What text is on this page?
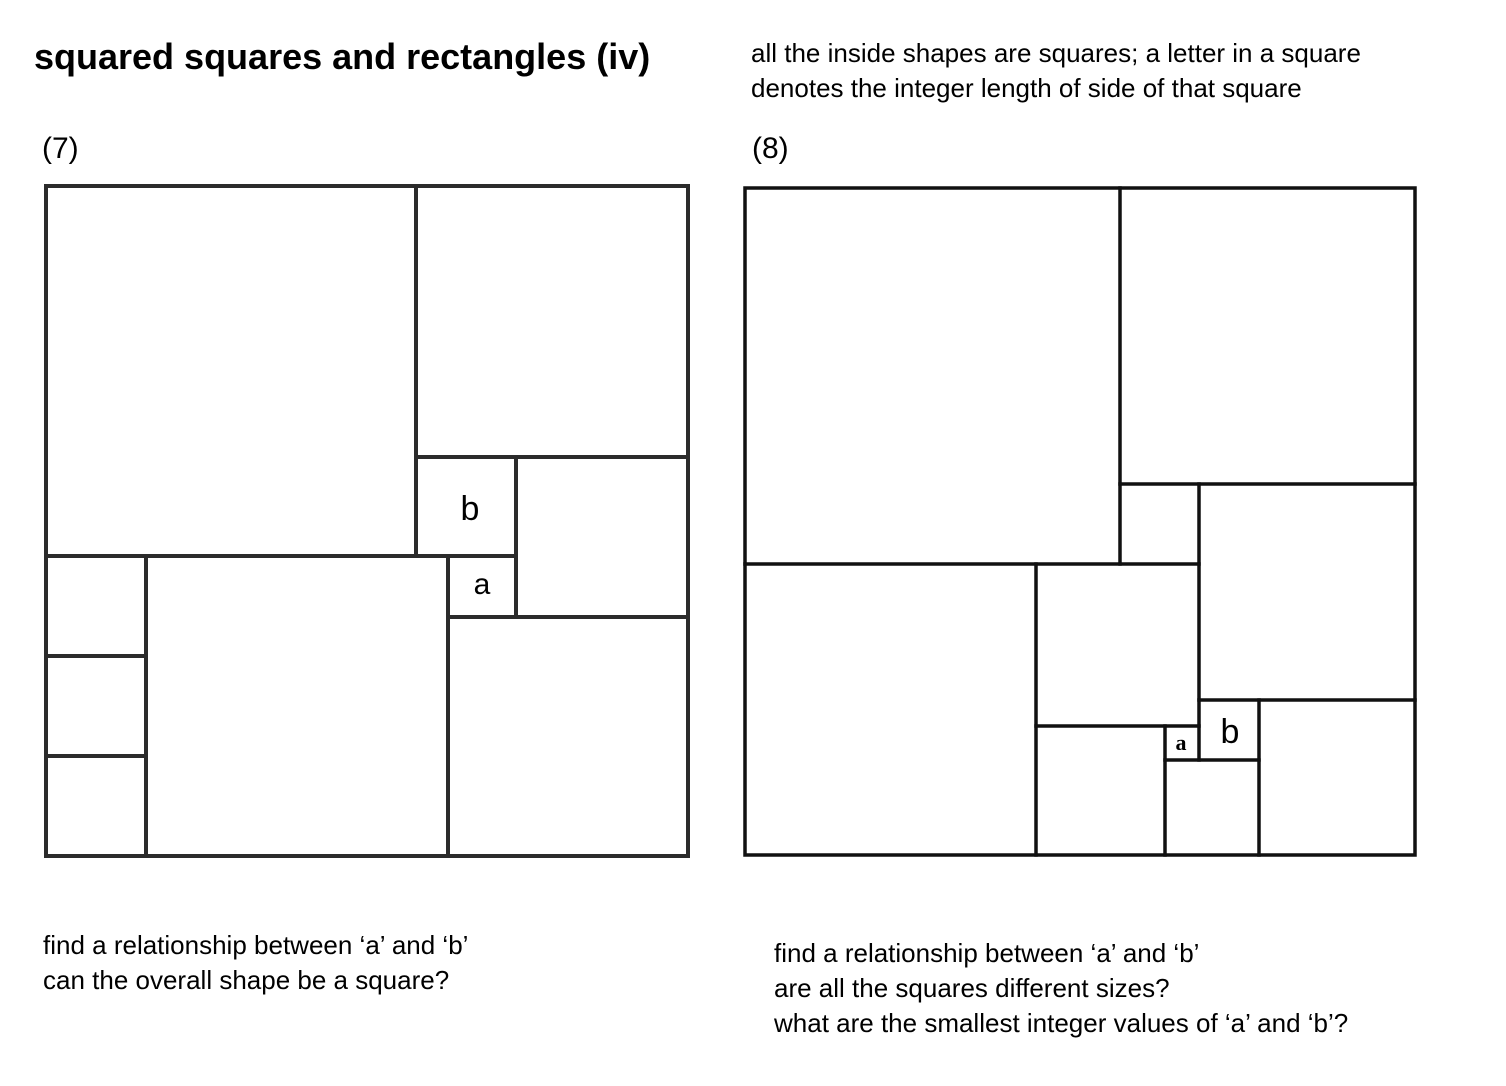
squared squares and rectangles (iv)	all the inside shapes are squares; a letter in a square
denotes the integer length of side of that square
(7)	(8)
b
a
a b
find a relationship between ‘a’ and ‘b’
can the overall shape be a square?
find a relationship between ‘a’ and ‘b’
are all the squares different sizes?
what are the smallest integer values of ‘a’ and ‘b’?
